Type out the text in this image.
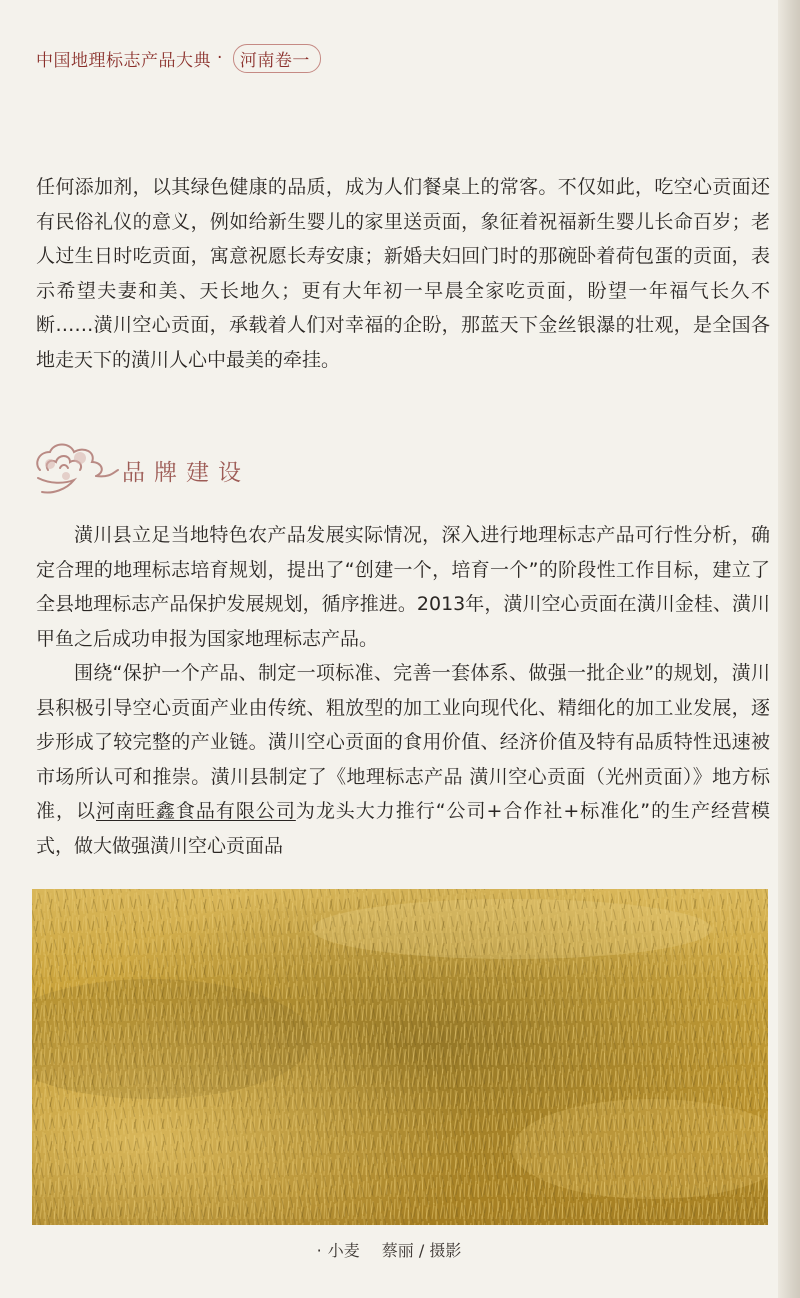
中国地理标志产品大典 ·	河南卷一

任何添加剂，以其绿色健康的品质，成为人们餐桌上的常客。不仅如此，吃空心贡面还有民俗礼仪的意义，例如给新生婴儿的家里送贡面，象征着祝福新生婴儿长命百岁；老人过生日时吃贡面，寓意祝愿长寿安康；新婚夫妇回门时的那碗卧着荷包蛋的贡面，表示希望夫妻和美、天长地久；更有大年初一早晨全家吃贡面，盼望一年福气长久不断……潢川空心贡面，承载着人们对幸福的企盼，那蓝天下金丝银瀑的壮观，是全国各地走天下的潢川人心中最美的牵挂。

品牌建设

潢川县立足当地特色农产品发展实际情况，深入进行地理标志产品可行性分析，确定合理的地理标志培育规划，提出了“创建一个，培育一个”的阶段性工作目标，建立了全县地理标志产品保护发展规划，循序推进。2013年，潢川空心贡面在潢川金桂、潢川甲鱼之后成功申报为国家地理标志产品。

围绕“保护一个产品、制定一项标准、完善一套体系、做强一批企业”的规划，潢川县积极引导空心贡面产业由传统、粗放型的加工业向现代化、精细化的加工业发展，逐步形成了较完整的产业链。潢川空心贡面的食用价值、经济价值及特有品质特性迅速被市场所认可和推崇。潢川县制定了《地理标志产品 潢川空心贡面（光州贡面）》地方标准，以河南旺鑫食品有限公司为龙头大力推行“公司+合作社+标准化”的生产经营模式，做大做强潢川空心贡面品

· 小麦 蔡丽 / 摄影
